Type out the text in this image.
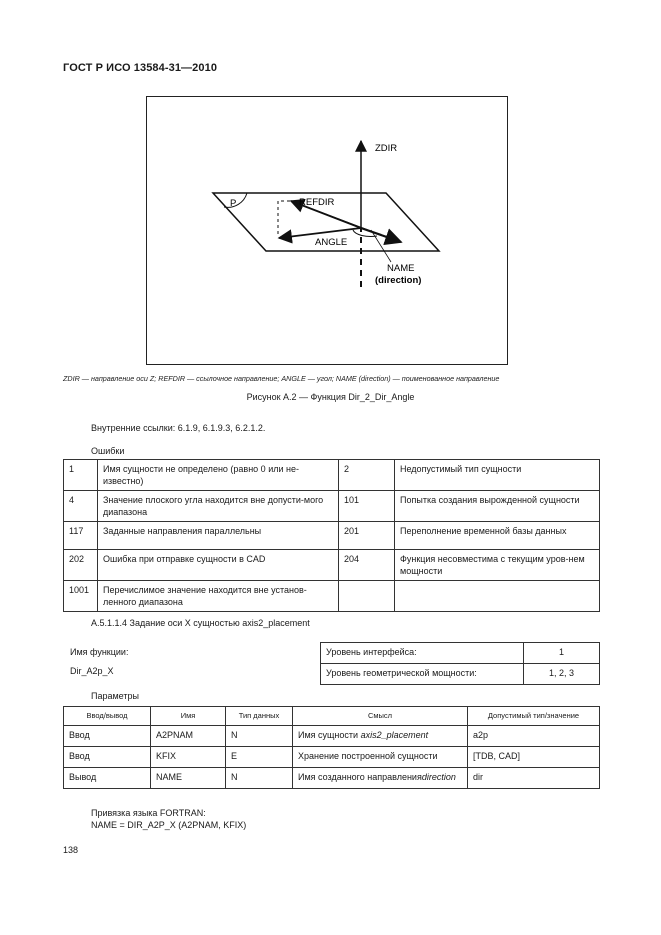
ГОСТ Р ИСО 13584-31—2010
ZDIR
REFDIR
ANGLE
P
NAME
(direction)
ZDIR — направление оси Z; REFDIR — ссылочное направление; ANGLE — угол; NAME (direction) — поименованное направление
Рисунок А.2 — Функция Dir_2_Dir_Angle
Внутренние ссылки: 6.1.9, 6.1.9.3, 6.2.1.2.
Ошибки
1	Имя сущности не определено (равно 0 или не-известно)	2	Недопустимый тип сущности
4	Значение плоского угла находится вне допусти-мого диапазона	101	Попытка создания вырожденной сущности
117	Заданные направления параллельны	201	Переполнение временной базы данных
202	Ошибка при отправке сущности в CAD	204	Функция несовместима с текущим уров-нем мощности
1001	Перечислимое значение находится вне установ-ленного диапазона		
A.5.1.1.4 Задание оси X сущностью axis2_placement
Имя функции:
Dir_A2p_X
Уровень интерфейса:	1
Уровень геометрической мощности:	1, 2, 3
Параметры
Ввод/вывод	Имя	Тип данных	Смысл	Допустимый тип/значение
Ввод	A2PNAM	N	Имя сущности axis2_placement	a2p
Ввод	KFIX	E	Хранение построенной сущности	[TDB, CAD]
Вывод	NAME	N	Имя созданного направленияdirection	dir
Привязка языка FORTRAN:
NAME = DIR_A2P_X (A2PNAM, KFIX)
138
